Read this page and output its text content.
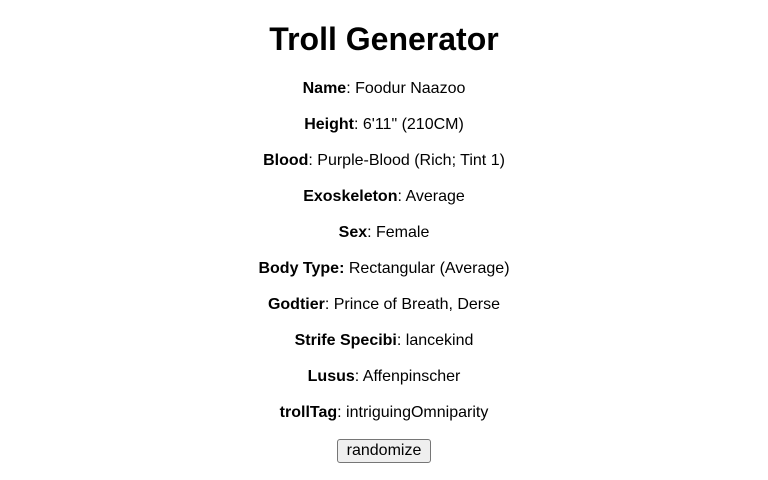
Troll Generator

Name: Foodur Naazoo

Height: 6'11" (210CM)

Blood: Purple-Blood (Rich; Tint 1)

Exoskeleton: Average

Sex: Female

Body Type: Rectangular (Average)

Godtier: Prince of Breath, Derse

Strife Specibi: lancekind

Lusus: Affenpinscher

trollTag: intriguingOmniparity

randomize
